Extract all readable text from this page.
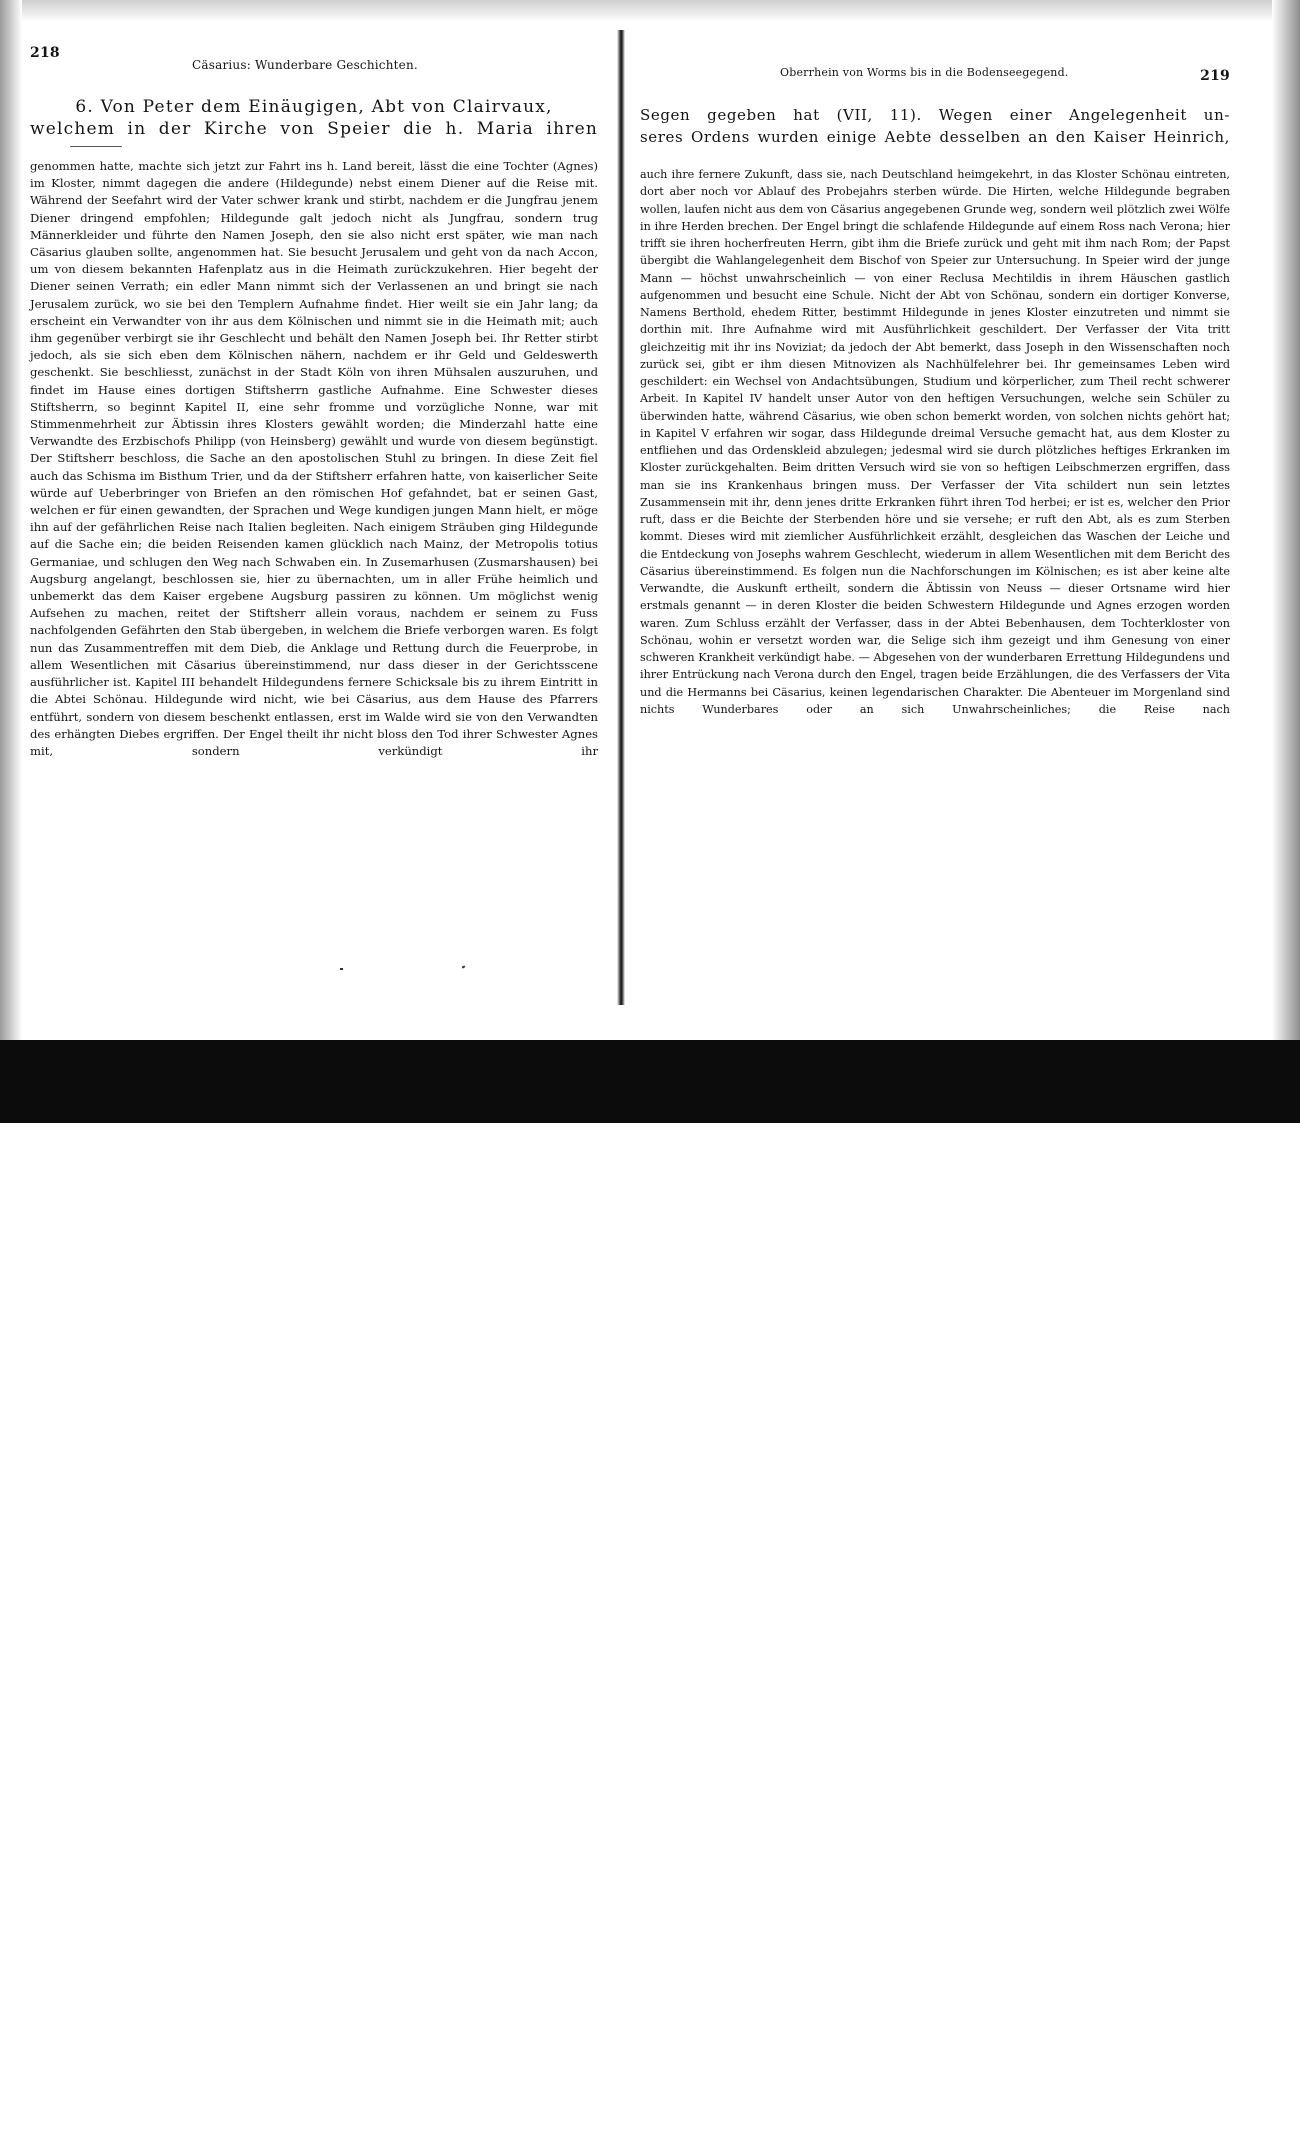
218
Cäsarius: Wunderbare Geschichten.
6. Von Peter dem Einäugigen, Abt von Clairvaux,
welchem in der Kirche von Speier die h. Maria ihren

genommen hatte, machte sich jetzt zur Fahrt ins h. Land bereit, lässt die eine Tochter (Agnes) im Kloster, nimmt dagegen die andere (Hildegunde) nebst einem Diener auf die Reise mit. Während der Seefahrt wird der Vater schwer krank und stirbt, nachdem er die Jungfrau jenem Diener dringend empfohlen; Hildegunde galt jedoch nicht als Jungfrau, sondern trug Männerkleider und führte den Namen Joseph, den sie also nicht erst später, wie man nach Cäsarius glauben sollte, angenommen hat. Sie besucht Jerusalem und geht von da nach Accon, um von diesem bekannten Hafenplatz aus in die Heimath zurückzukehren. Hier begeht der Diener seinen Verrath; ein edler Mann nimmt sich der Verlassenen an und bringt sie nach Jerusalem zurück, wo sie bei den Templern Aufnahme findet. Hier weilt sie ein Jahr lang; da erscheint ein Verwandter von ihr aus dem Kölnischen und nimmt sie in die Heimath mit; auch ihm gegenüber verbirgt sie ihr Geschlecht und behält den Namen Joseph bei. Ihr Retter stirbt jedoch, als sie sich eben dem Kölnischen nähern, nachdem er ihr Geld und Geldeswerth geschenkt. Sie beschliesst, zunächst in der Stadt Köln von ihren Mühsalen auszuruhen, und findet im Hause eines dortigen Stiftsherrn gastliche Aufnahme. Eine Schwester dieses Stiftsherrn, so beginnt Kapitel II, eine sehr fromme und vorzügliche Nonne, war mit Stimmenmehrheit zur Äbtissin ihres Klosters gewählt worden; die Minderzahl hatte eine Verwandte des Erzbischofs Philipp (von Heinsberg) gewählt und wurde von diesem begünstigt. Der Stiftsherr beschloss, die Sache an den apostolischen Stuhl zu bringen. In diese Zeit fiel auch das Schisma im Bisthum Trier, und da der Stiftsherr erfahren hatte, von kaiserlicher Seite würde auf Ueberbringer von Briefen an den römischen Hof gefahndet, bat er seinen Gast, welchen er für einen gewandten, der Sprachen und Wege kundigen jungen Mann hielt, er möge ihn auf der gefährlichen Reise nach Italien begleiten. Nach einigem Sträuben ging Hildegunde auf die Sache ein; die beiden Reisenden kamen glücklich nach Mainz, der Metropolis totius Germaniae, und schlugen den Weg nach Schwaben ein. In Zusemarhusen (Zusmarshausen) bei Augsburg angelangt, beschlossen sie, hier zu übernachten, um in aller Frühe heimlich und unbemerkt das dem Kaiser ergebene Augsburg passiren zu können. Um möglichst wenig Aufsehen zu machen, reitet der Stiftsherr allein voraus, nachdem er seinem zu Fuss nachfolgenden Gefährten den Stab übergeben, in welchem die Briefe verborgen waren. Es folgt nun das Zusammentreffen mit dem Dieb, die Anklage und Rettung durch die Feuerprobe, in allem Wesentlichen mit Cäsarius übereinstimmend, nur dass dieser in der Gerichtsscene ausführlicher ist. Kapitel III behandelt Hildegundens fernere Schicksale bis zu ihrem Eintritt in die Abtei Schönau. Hildegunde wird nicht, wie bei Cäsarius, aus dem Hause des Pfarrers entführt, sondern von diesem beschenkt entlassen, erst im Walde wird sie von den Verwandten des erhängten Diebes ergriffen. Der Engel theilt ihr nicht bloss den Tod ihrer Schwester Agnes mit, sondern verkündigt ihr

Oberrhein von Worms bis in die Bodenseegegend.	219
Segen gegeben hat (VII, 11). Wegen einer Angelegenheit un-
seres Ordens wurden einige Aebte desselben an den Kaiser Heinrich,

auch ihre fernere Zukunft, dass sie, nach Deutschland heimgekehrt, in das Kloster Schönau eintreten, dort aber noch vor Ablauf des Probejahrs sterben würde. Die Hirten, welche Hildegunde begraben wollen, laufen nicht aus dem von Cäsarius angegebenen Grunde weg, sondern weil plötzlich zwei Wölfe in ihre Herden brechen. Der Engel bringt die schlafende Hildegunde auf einem Ross nach Verona; hier trifft sie ihren hocherfreuten Herrn, gibt ihm die Briefe zurück und geht mit ihm nach Rom; der Papst übergibt die Wahlangelegenheit dem Bischof von Speier zur Untersuchung. In Speier wird der junge Mann — höchst unwahrscheinlich — von einer Reclusa Mechtildis in ihrem Häuschen gastlich aufgenommen und besucht eine Schule. Nicht der Abt von Schönau, sondern ein dortiger Konverse, Namens Berthold, ehedem Ritter, bestimmt Hildegunde in jenes Kloster einzutreten und nimmt sie dorthin mit. Ihre Aufnahme wird mit Ausführlichkeit geschildert. Der Verfasser der Vita tritt gleichzeitig mit ihr ins Noviziat; da jedoch der Abt bemerkt, dass Joseph in den Wissenschaften noch zurück sei, gibt er ihm diesen Mitnovizen als Nachhülfelehrer bei. Ihr gemeinsames Leben wird geschildert: ein Wechsel von Andachtsübungen, Studium und körperlicher, zum Theil recht schwerer Arbeit. In Kapitel IV handelt unser Autor von den heftigen Versuchungen, welche sein Schüler zu überwinden hatte, während Cäsarius, wie oben schon bemerkt worden, von solchen nichts gehört hat; in Kapitel V erfahren wir sogar, dass Hildegunde dreimal Versuche gemacht hat, aus dem Kloster zu entfliehen und das Ordenskleid abzulegen; jedesmal wird sie durch plötzliches heftiges Erkranken im Kloster zurückgehalten. Beim dritten Versuch wird sie von so heftigen Leibschmerzen ergriffen, dass man sie ins Krankenhaus bringen muss. Der Verfasser der Vita schildert nun sein letztes Zusammensein mit ihr, denn jenes dritte Erkranken führt ihren Tod herbei; er ist es, welcher den Prior ruft, dass er die Beichte der Sterbenden höre und sie versehe; er ruft den Abt, als es zum Sterben kommt. Dieses wird mit ziemlicher Ausführlichkeit erzählt, desgleichen das Waschen der Leiche und die Entdeckung von Josephs wahrem Geschlecht, wiederum in allem Wesentlichen mit dem Bericht des Cäsarius übereinstimmend. Es folgen nun die Nachforschungen im Kölnischen; es ist aber keine alte Verwandte, die Auskunft ertheilt, sondern die Äbtissin von Neuss — dieser Ortsname wird hier erstmals genannt — in deren Kloster die beiden Schwestern Hildegunde und Agnes erzogen worden waren. Zum Schluss erzählt der Verfasser, dass in der Abtei Bebenhausen, dem Tochterkloster von Schönau, wohin er versetzt worden war, die Selige sich ihm gezeigt und ihm Genesung von einer schweren Krankheit verkündigt habe. — Abgesehen von der wunderbaren Errettung Hildegundens und ihrer Entrückung nach Verona durch den Engel, tragen beide Erzählungen, die des Verfassers der Vita und die Hermanns bei Cäsarius, keinen legendarischen Charakter. Die Abenteuer im Morgenland sind nichts Wunderbares oder an sich Unwahrscheinliches; die Reise nach

alamy	Image ID: W6CTG3
www.alamy.com
